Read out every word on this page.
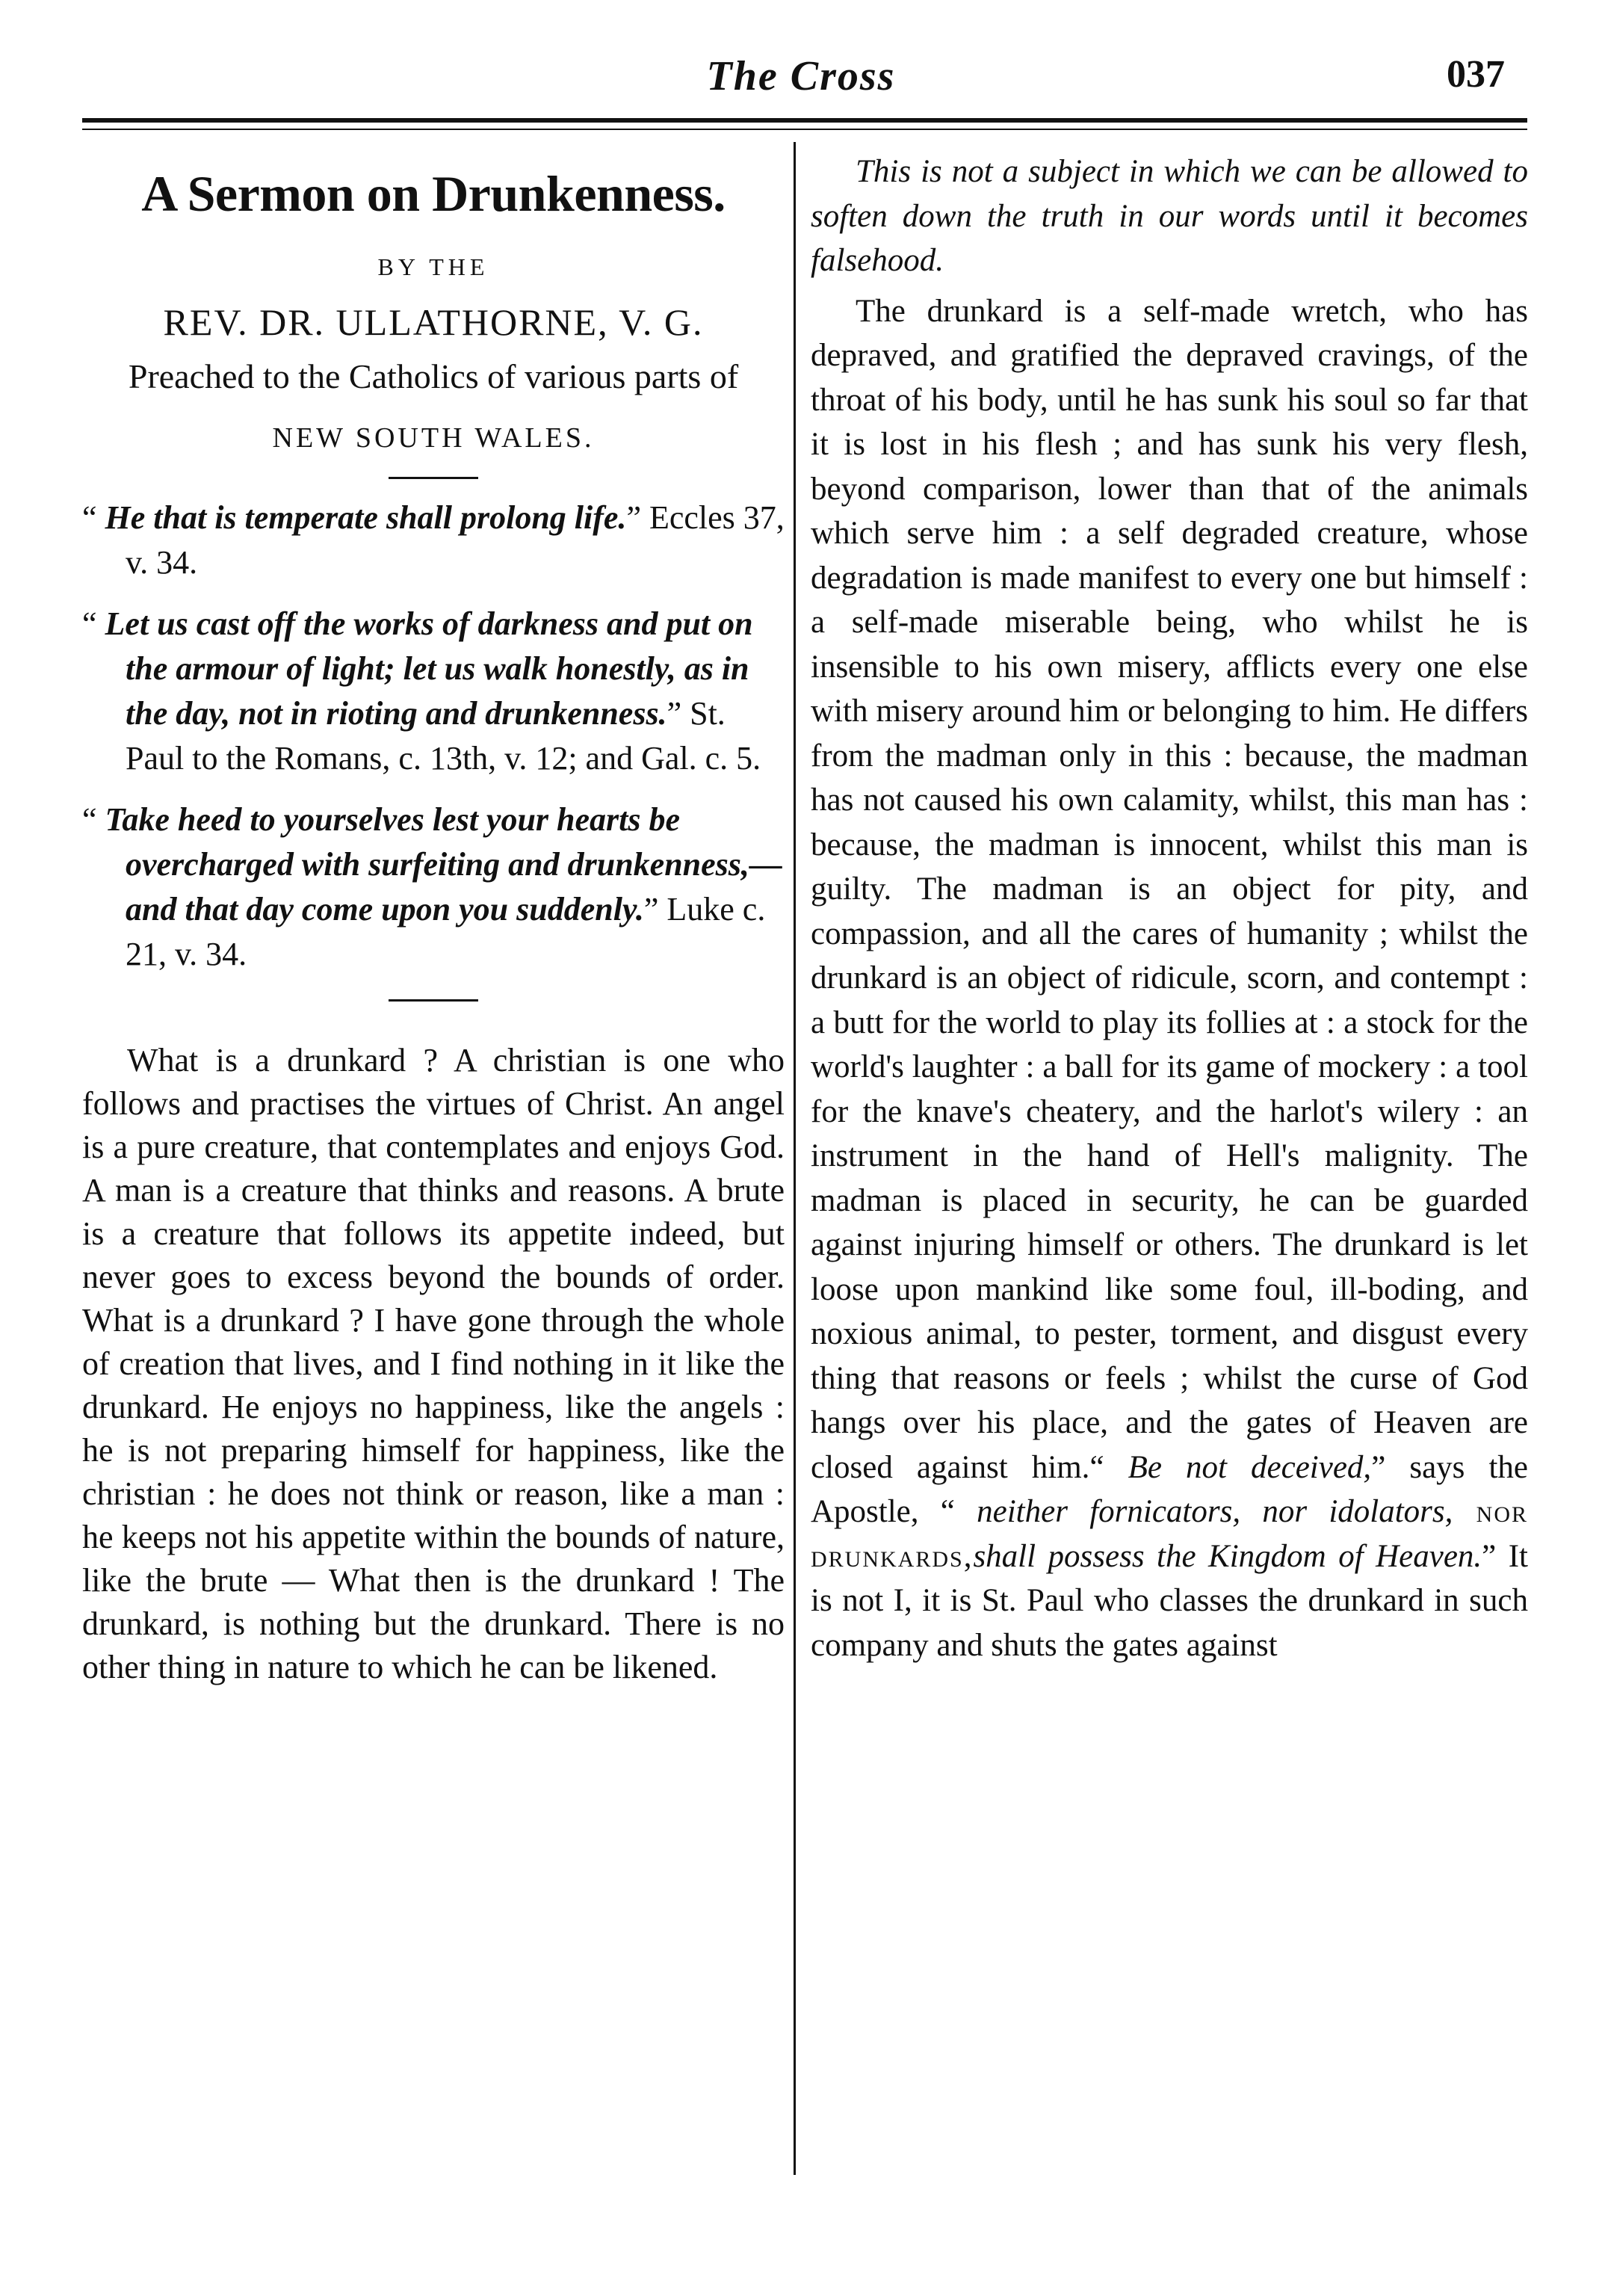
The Cross	037
A Sermon on Drunkenness.
BY THE
REV. DR. ULLATHORNE, V. G.
Preached to the Catholics of various parts of
NEW SOUTH WALES.

“ He that is temperate shall prolong life.” Eccles 37, v. 34.

“ Let us cast off the works of darkness and put on the armour of light; let us walk honestly, as in the day, not in rioting and drunkenness.” St. Paul to the Romans, c. 13th, v. 12; and Gal. c. 5.

“ Take heed to yourselves lest your hearts be overcharged with surfeiting and drunkenness,—and that day come upon you suddenly.” Luke c. 21, v. 34.

What is a drunkard ? A christian is one who follows and practises the virtues of Christ. An angel is a pure creature, that contemplates and enjoys God. A man is a creature that thinks and reasons. A brute is a creature that follows its appetite indeed, but never goes to excess beyond the bounds of order. What is a drunkard ? I have gone through the whole of creation that lives, and I find nothing in it like the drunkard. He enjoys no happiness, like the angels : he is not preparing himself for happiness, like the christian : he does not think or reason, like a man : he keeps not his appetite within the bounds of nature, like the brute — What then is the drunkard ! The drunkard, is nothing but the drunkard. There is no other thing in nature to which he can be likened.

This is not a subject in which we can be allowed to soften down the truth in our words until it becomes falsehood.

The drunkard is a self-made wretch, who has depraved, and gratified the depraved cravings, of the throat of his body, until he has sunk his soul so far that it is lost in his flesh ; and has sunk his very flesh, beyond comparison, lower than that of the animals which serve him : a self degraded creature, whose degradation is made manifest to every one but himself : a self-made miserable being, who whilst he is insensible to his own misery, afflicts every one else with misery around him or belonging to him. He differs from the madman only in this : because, the madman has not caused his own calamity, whilst, this man has : because, the madman is innocent, whilst this man is guilty. The madman is an object for pity, and compassion, and all the cares of humanity ; whilst the drunkard is an object of ridicule, scorn, and contempt : a butt for the world to play its follies at : a stock for the world's laughter : a ball for its game of mockery : a tool for the knave's cheatery, and the harlot's wilery : an instrument in the hand of Hell's malignity. The madman is placed in security, he can be guarded against injuring himself or others. The drunkard is let loose upon mankind like some foul, ill-boding, and noxious animal, to pester, torment, and disgust every thing that reasons or feels ; whilst the curse of God hangs over his place, and the gates of Heaven are closed against him.“ Be not deceived,” says the Apostle, “ neither fornicators, nor idolators, nor drunkards,shall possess the Kingdom of Heaven.” It is not I, it is St. Paul who classes the drunkard in such company and shuts the gates against
